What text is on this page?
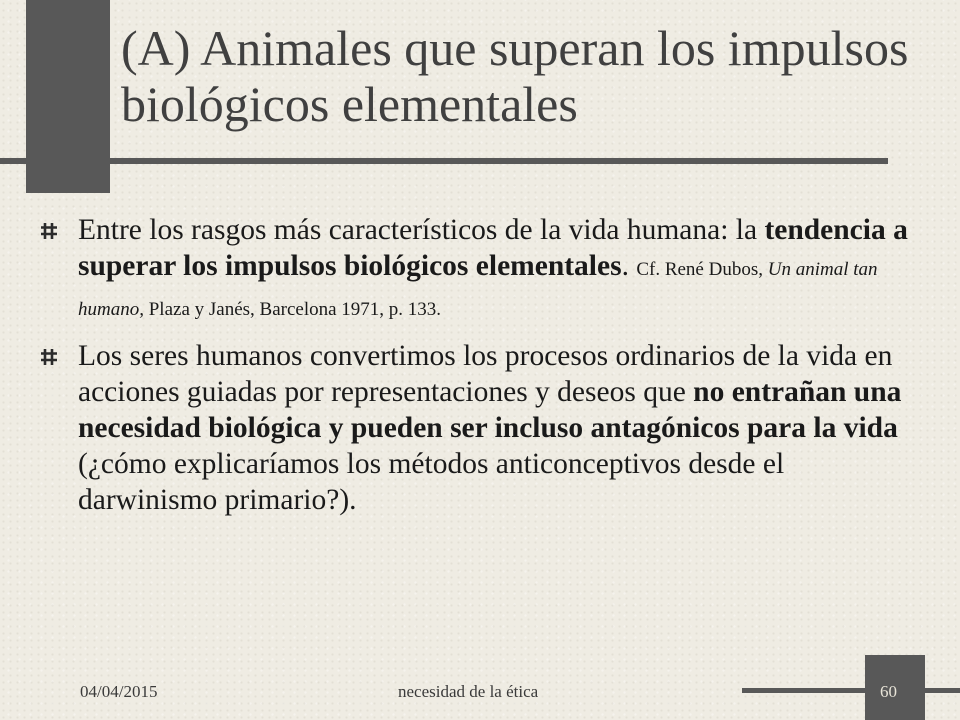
(A) Animales que superan los impulsos biológicos elementales
Entre los rasgos más característicos de la vida humana: la tendencia a superar los impulsos biológicos elementales. Cf. René Dubos, Un animal tan humano, Plaza y Janés, Barcelona 1971, p. 133.
Los seres humanos convertimos los procesos ordinarios de la vida en acciones guiadas por representaciones y deseos que no entrañan una necesidad biológica y pueden ser incluso antagónicos para la vida (¿cómo explicaríamos los métodos anticonceptivos desde el darwinismo primario?).
04/04/2015	necesidad de la ética	60
